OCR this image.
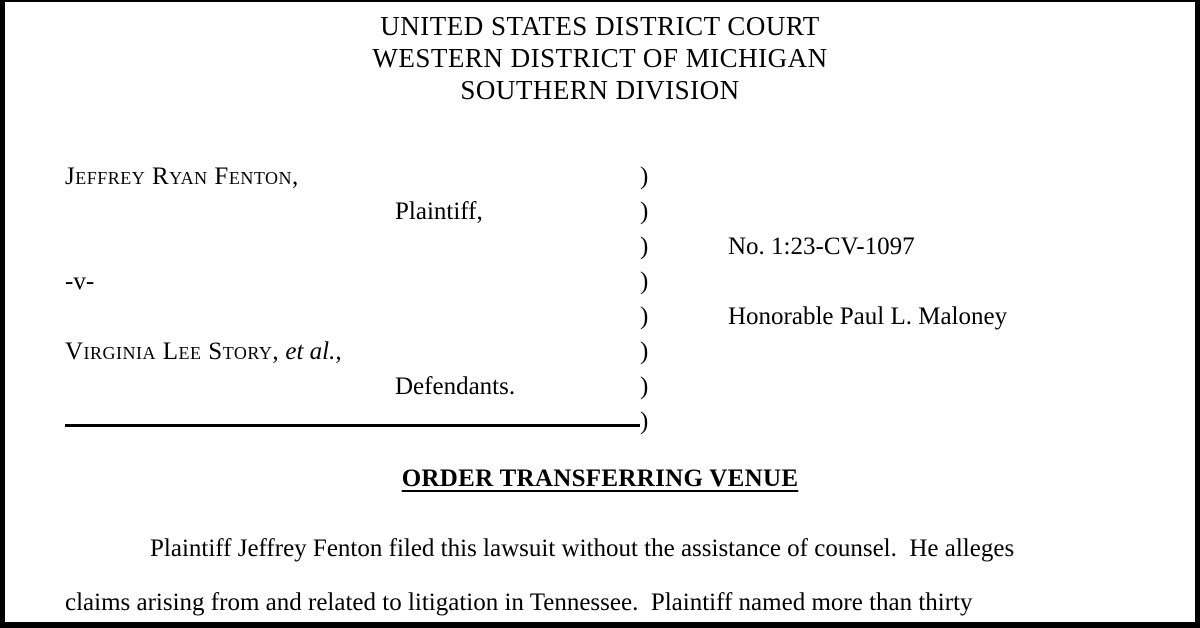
UNITED STATES DISTRICT COURT
WESTERN DISTRICT OF MICHIGAN
SOUTHERN DIVISION
Jeffrey Ryan Fenton,	)
Plaintiff,	)
)	No. 1:23-CV-1097
-v-	)
)	Honorable Paul L. Maloney
Virginia Lee Story, et al.,	)
Defendants.	)
)
ORDER TRANSFERRING VENUE
Plaintiff Jeffrey Fenton filed this lawsuit without the assistance of counsel.  He alleges
claims arising from and related to litigation in Tennessee.  Plaintiff named more than thirty
